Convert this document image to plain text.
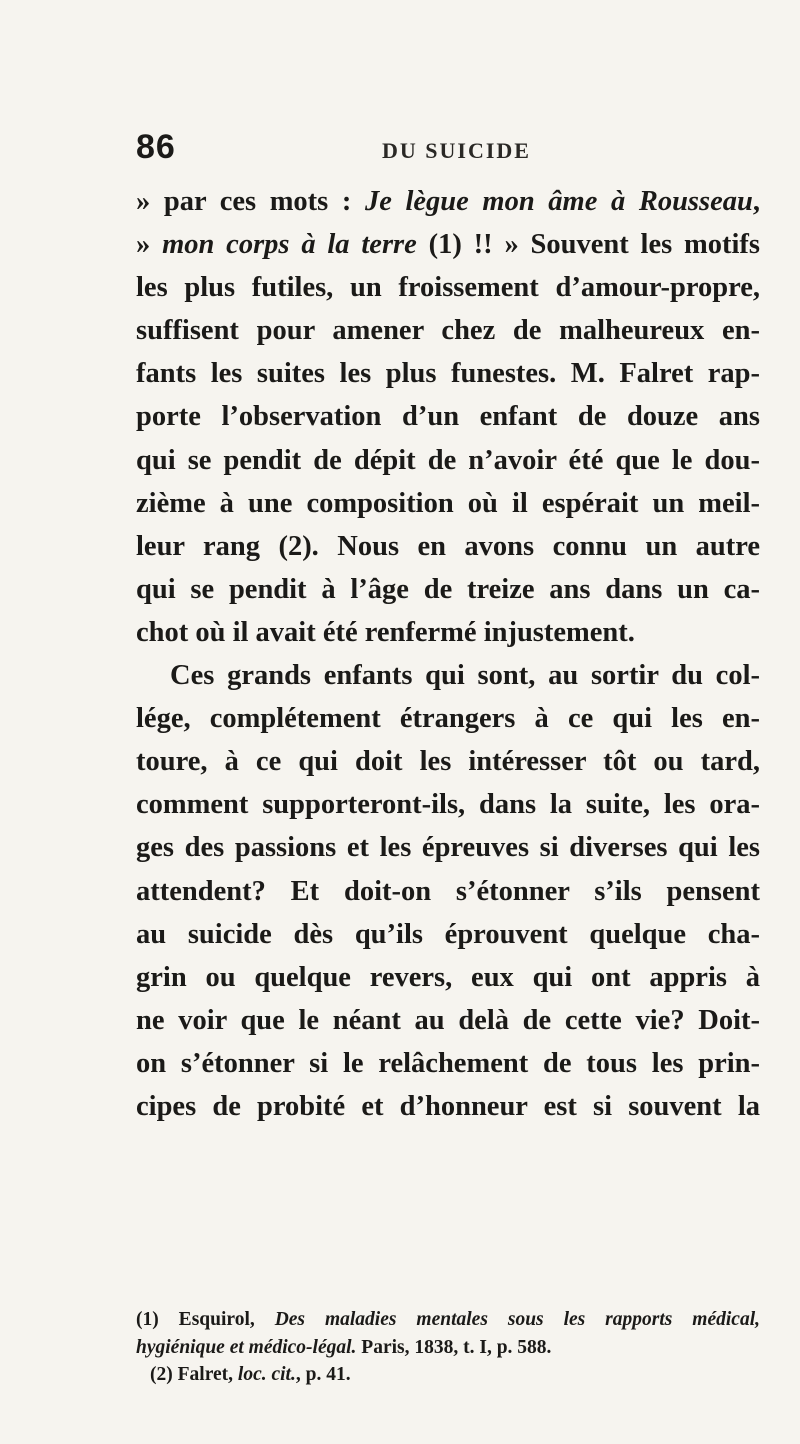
86	DU SUICIDE
» par ces mots : Je lègue mon âme à Rousseau,
» mon corps à la terre (1) !! » Souvent les motifs
les plus futiles, un froissement d’amour-propre,
suffisent pour amener chez de malheureux en-
fants les suites les plus funestes. M. Falret rap-
porte l’observation d’un enfant de douze ans
qui se pendit de dépit de n’avoir été que le dou-
zième à une composition où il espérait un meil-
leur rang (2). Nous en avons connu un autre
qui se pendit à l’âge de treize ans dans un ca-
chot où il avait été renfermé injustement.
Ces grands enfants qui sont, au sortir du col-
lége, complétement étrangers à ce qui les en-
toure, à ce qui doit les intéresser tôt ou tard,
comment supporteront-ils, dans la suite, les ora-
ges des passions et les épreuves si diverses qui les
attendent? Et doit-on s’étonner s’ils pensent
au suicide dès qu’ils éprouvent quelque cha-
grin ou quelque revers, eux qui ont appris à
ne voir que le néant au delà de cette vie? Doit-
on s’étonner si le relâchement de tous les prin-
cipes de probité et d’honneur est si souvent la
(1) Esquirol, Des maladies mentales sous les rapports médical,
hygiénique et médico-légal. Paris, 1838, t. I, p. 588.
(2) Falret, loc. cit., p. 41.
